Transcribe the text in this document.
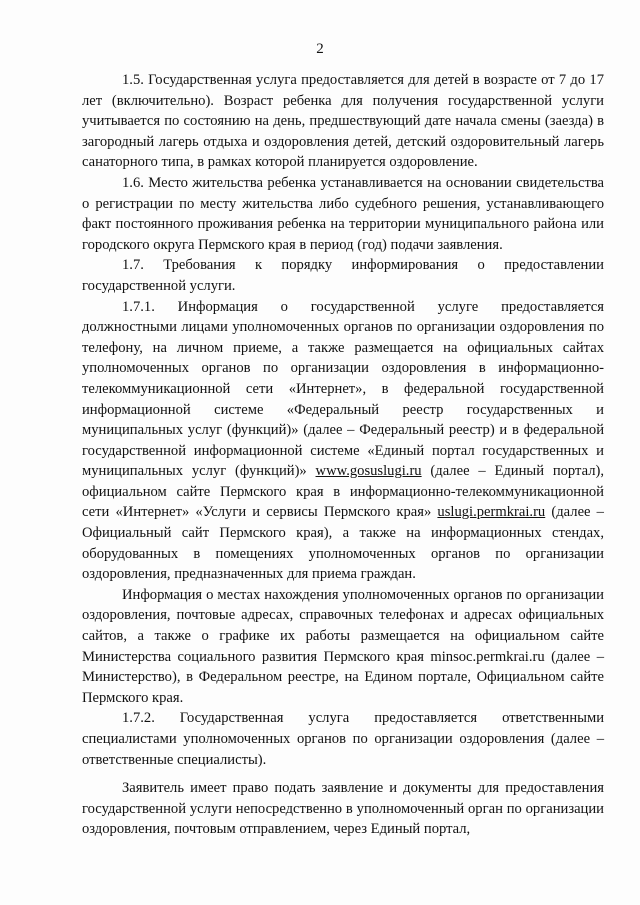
2

1.5. Государственная услуга предоставляется для детей в возрасте от 7 до 17 лет (включительно). Возраст ребенка для получения государственной услуги учитывается по состоянию на день, предшествующий дате начала смены (заезда) в загородный лагерь отдыха и оздоровления детей, детский оздоровительный лагерь санаторного типа, в рамках которой планируется оздоровление.

1.6. Место жительства ребенка устанавливается на основании свидетельства о регистрации по месту жительства либо судебного решения, устанавливающего факт постоянного проживания ребенка на территории муниципального района или городского округа Пермского края в период (год) подачи заявления.

1.7. Требования к порядку информирования о предоставлении государственной услуги.

1.7.1. Информация о государственной услуге предоставляется должностными лицами уполномоченных органов по организации оздоровления по телефону, на личном приеме, а также размещается на официальных сайтах уполномоченных органов по организации оздоровления в информационно-телекоммуникационной сети «Интернет», в федеральной государственной информационной системе «Федеральный реестр государственных и муниципальных услуг (функций)» (далее – Федеральный реестр) и в федеральной государственной информационной системе «Единый портал государственных и муниципальных услуг (функций)» www.gosuslugi.ru (далее – Единый портал), официальном сайте Пермского края в информационно-телекоммуникационной сети «Интернет» «Услуги и сервисы Пермского края» uslugi.permkrai.ru (далее – Официальный сайт Пермского края), а также на информационных стендах, оборудованных в помещениях уполномоченных органов по организации оздоровления, предназначенных для приема граждан.

Информация о местах нахождения уполномоченных органов по организации оздоровления, почтовые адресах, справочных телефонах и адресах официальных сайтов, а также о графике их работы размещается на официальном сайте Министерства социального развития Пермского края minsoc.permkrai.ru (далее – Министерство), в Федеральном реестре, на Едином портале, Официальном сайте Пермского края.

1.7.2. Государственная услуга предоставляется ответственными специалистами уполномоченных органов по организации оздоровления (далее – ответственные специалисты).

Заявитель имеет право подать заявление и документы для предоставления государственной услуги непосредственно в уполномоченный орган по организации оздоровления, почтовым отправлением, через Единый портал,
